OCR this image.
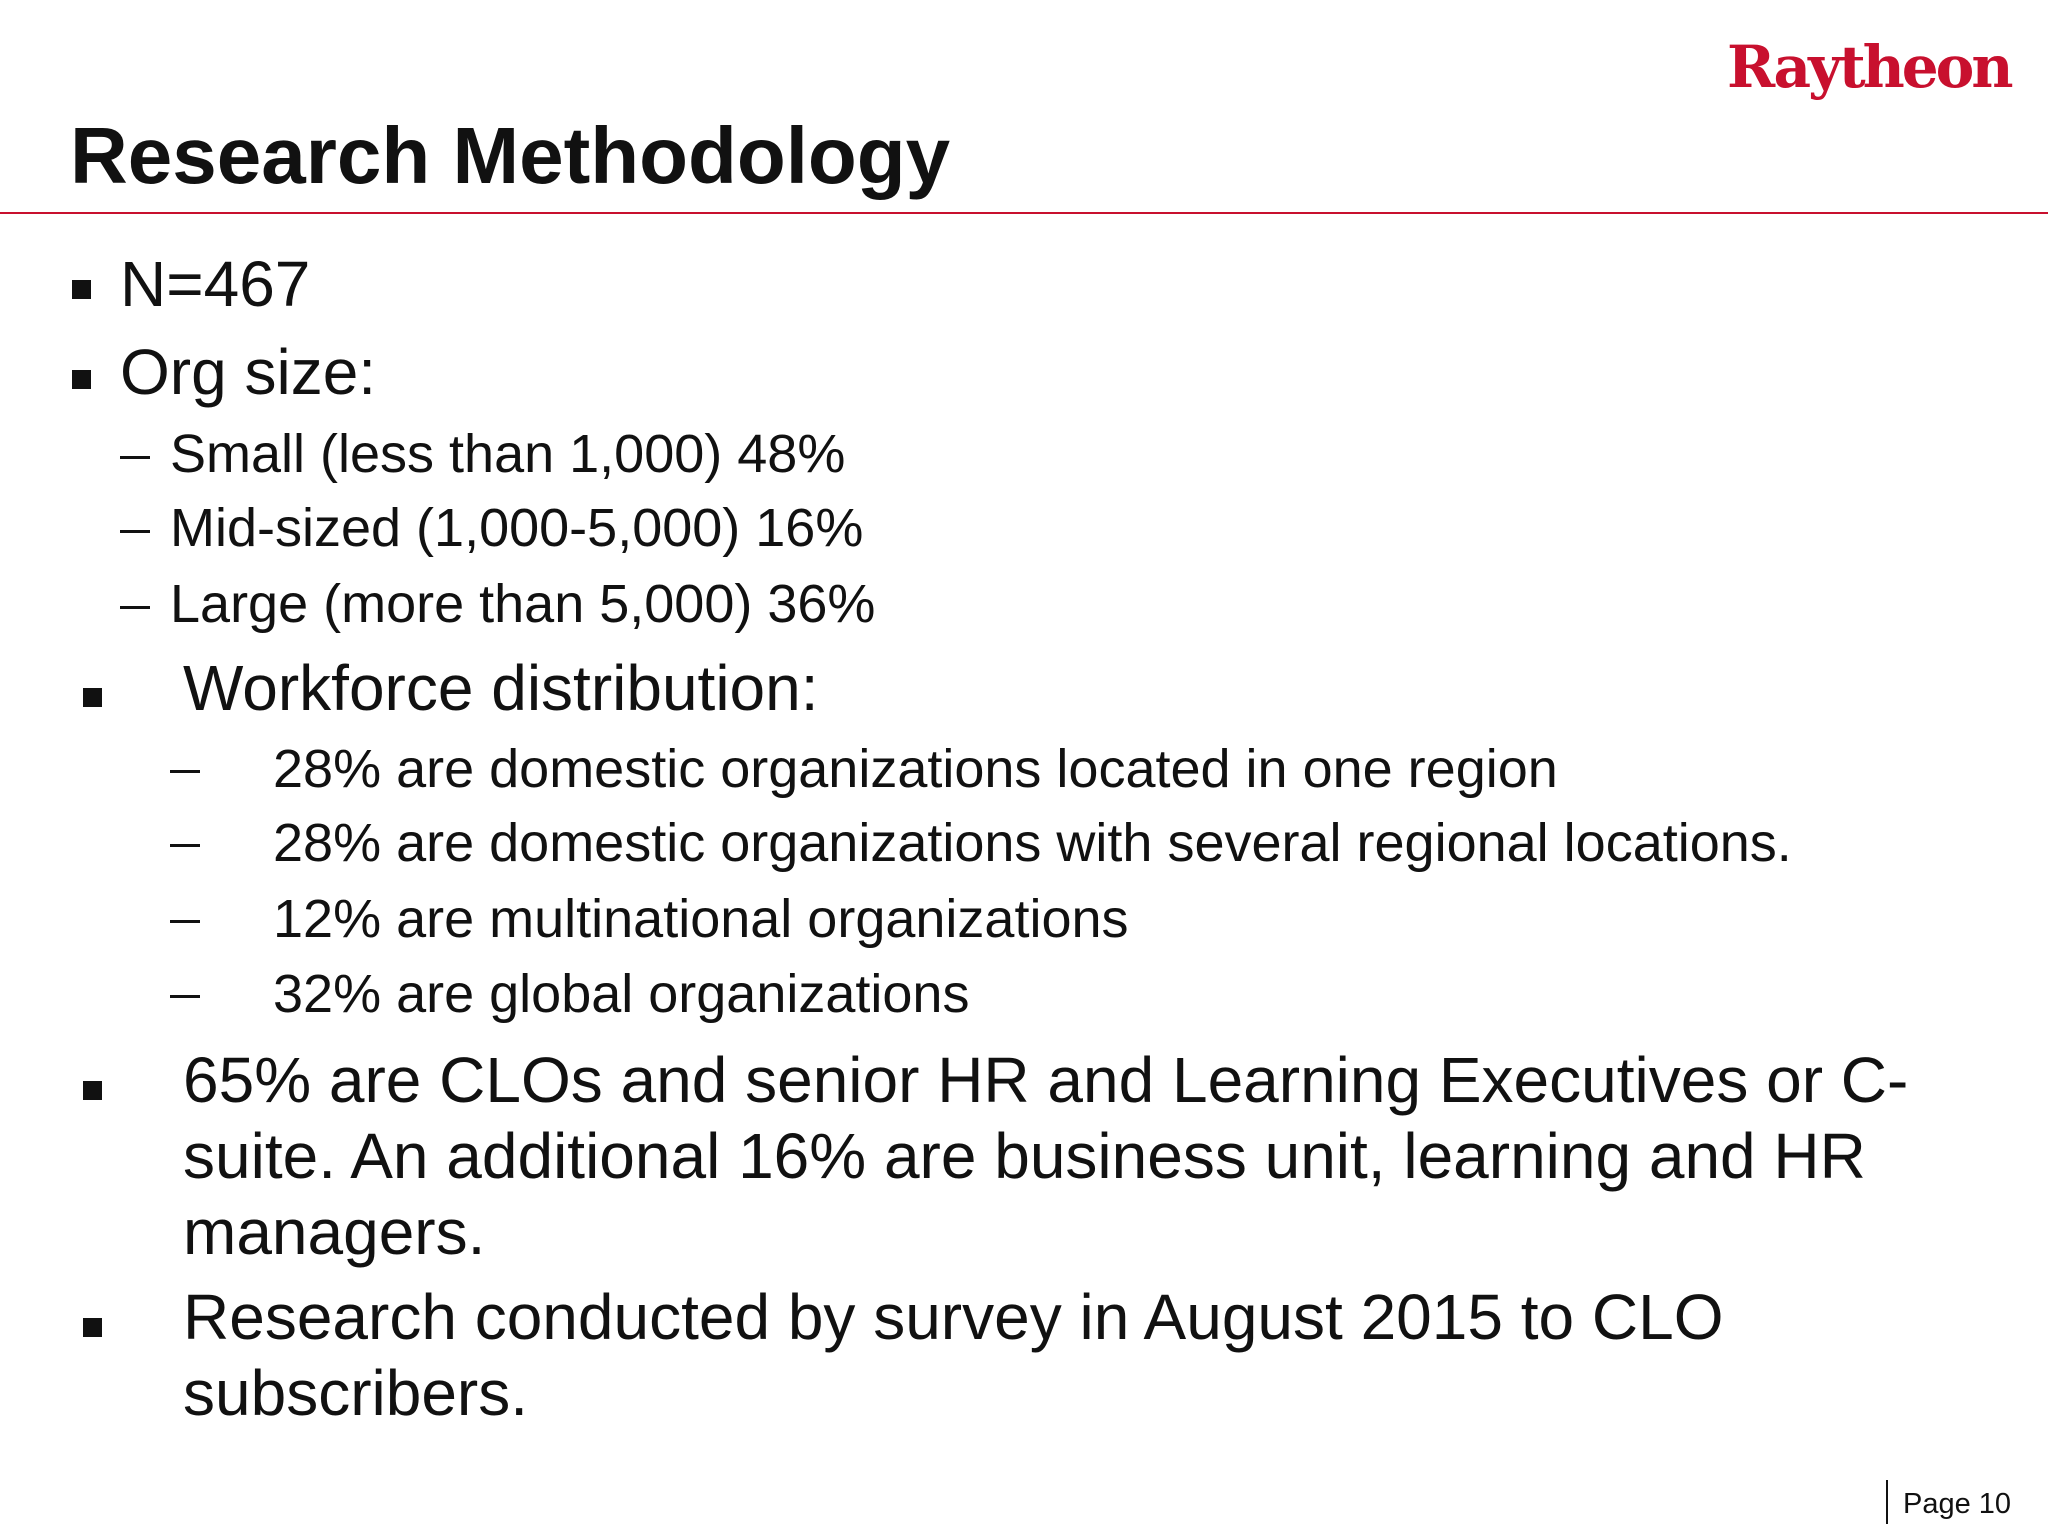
Raytheon
Research Methodology
N=467
Org size:
Small (less than 1,000) 48%
Mid-sized (1,000-5,000) 16%
Large (more than 5,000) 36%
Workforce distribution:
28% are domestic organizations located in one region
28% are domestic organizations with several regional locations.
12% are multinational organizations
32% are global organizations
65% are CLOs and senior HR and Learning Executives or C-suite. An additional 16% are business unit, learning and HR managers.
Research conducted by survey in August 2015 to CLO subscribers.
Page 10
